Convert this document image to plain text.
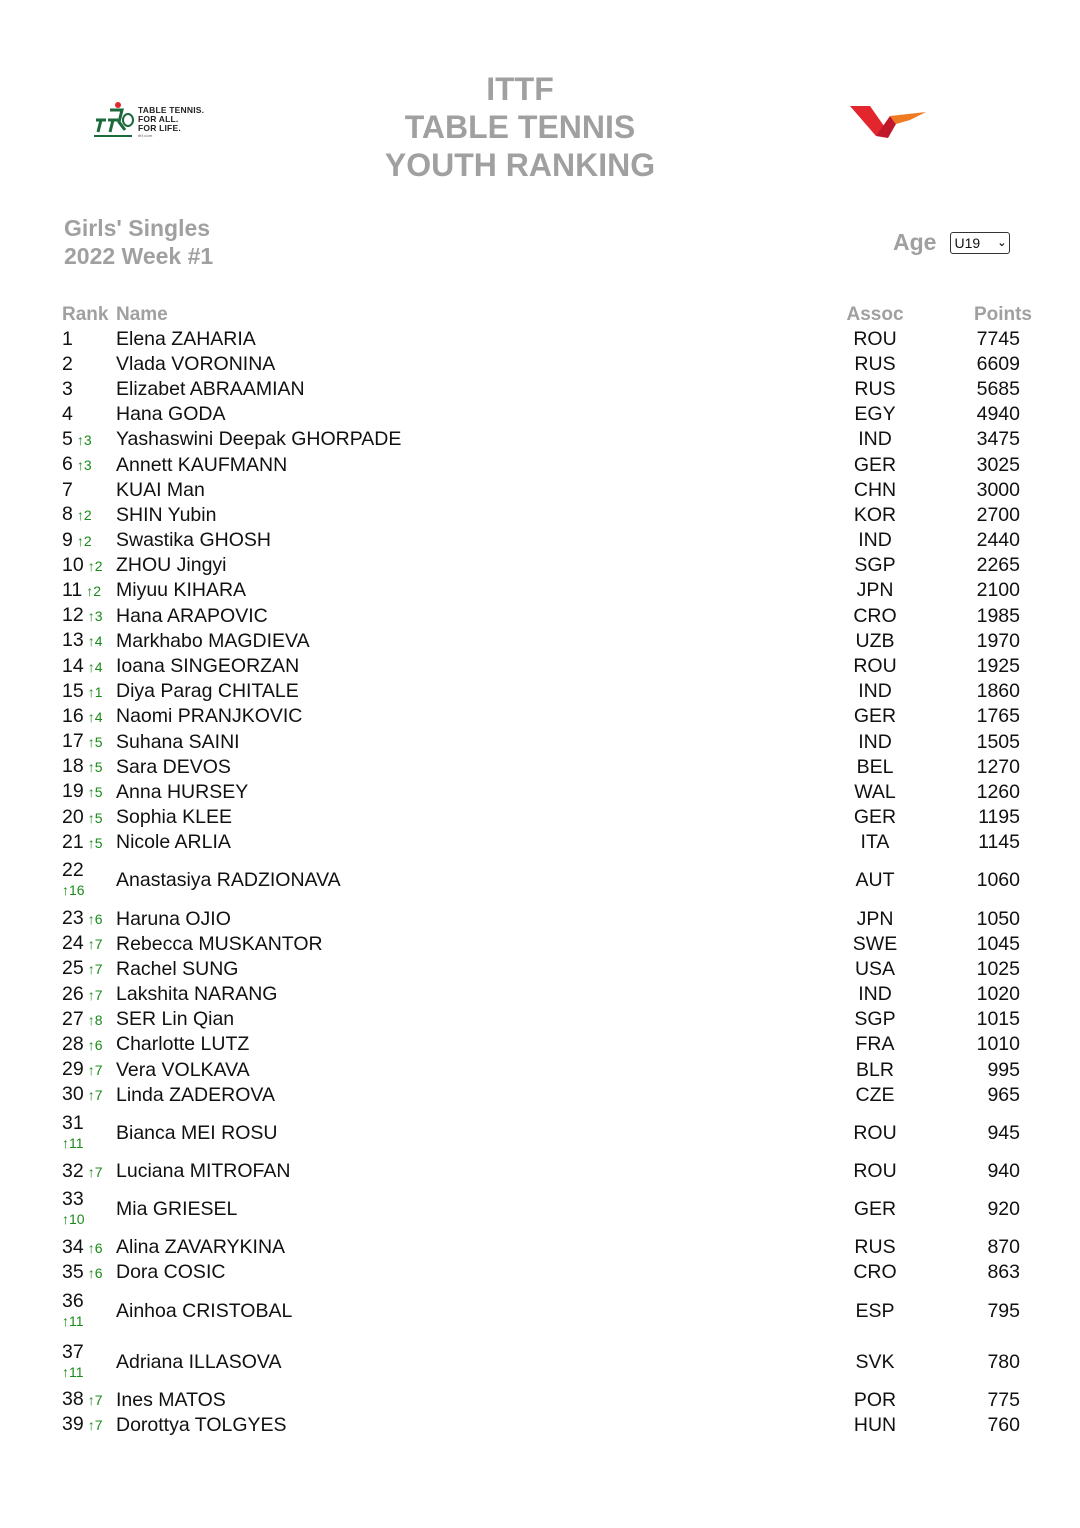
TABLE TENNIS.
FOR ALL.
FOR LIFE.
ittf.com
ITTF
TABLE TENNIS
YOUTH RANKING
Girls' Singles
2022 Week #1
Age U19 ⌄
Rank	Name	Assoc	Points
1	Elena ZAHARIA	ROU	7745
2	Vlada VORONINA	RUS	6609
3	Elizabet ABRAAMIAN	RUS	5685
4	Hana GODA	EGY	4940
5 ↑3	Yashaswini Deepak GHORPADE	IND	3475
6 ↑3	Annett KAUFMANN	GER	3025
7	KUAI Man	CHN	3000
8 ↑2	SHIN Yubin	KOR	2700
9 ↑2	Swastika GHOSH	IND	2440
10 ↑2	ZHOU Jingyi	SGP	2265
11 ↑2	Miyuu KIHARA	JPN	2100
12 ↑3	Hana ARAPOVIC	CRO	1985
13 ↑4	Markhabo MAGDIEVA	UZB	1970
14 ↑4	Ioana SINGEORZAN	ROU	1925
15 ↑1	Diya Parag CHITALE	IND	1860
16 ↑4	Naomi PRANJKOVIC	GER	1765
17 ↑5	Suhana SAINI	IND	1505
18 ↑5	Sara DEVOS	BEL	1270
19 ↑5	Anna HURSEY	WAL	1260
20 ↑5	Sophia KLEE	GER	1195
21 ↑5	Nicole ARLIA	ITA	1145
22
↑16	Anastasiya RADZIONAVA	AUT	1060
23 ↑6	Haruna OJIO	JPN	1050
24 ↑7	Rebecca MUSKANTOR	SWE	1045
25 ↑7	Rachel SUNG	USA	1025
26 ↑7	Lakshita NARANG	IND	1020
27 ↑8	SER Lin Qian	SGP	1015
28 ↑6	Charlotte LUTZ	FRA	1010
29 ↑7	Vera VOLKAVA	BLR	995
30 ↑7	Linda ZADEROVA	CZE	965
31
↑11	Bianca MEI ROSU	ROU	945
32 ↑7	Luciana MITROFAN	ROU	940
33
↑10	Mia GRIESEL	GER	920
34 ↑6	Alina ZAVARYKINA	RUS	870
35 ↑6	Dora COSIC	CRO	863
36
↑11	Ainhoa CRISTOBAL	ESP	795
37
↑11	Adriana ILLASOVA	SVK	780
38 ↑7	Ines MATOS	POR	775
39 ↑7	Dorottya TOLGYES	HUN	760
